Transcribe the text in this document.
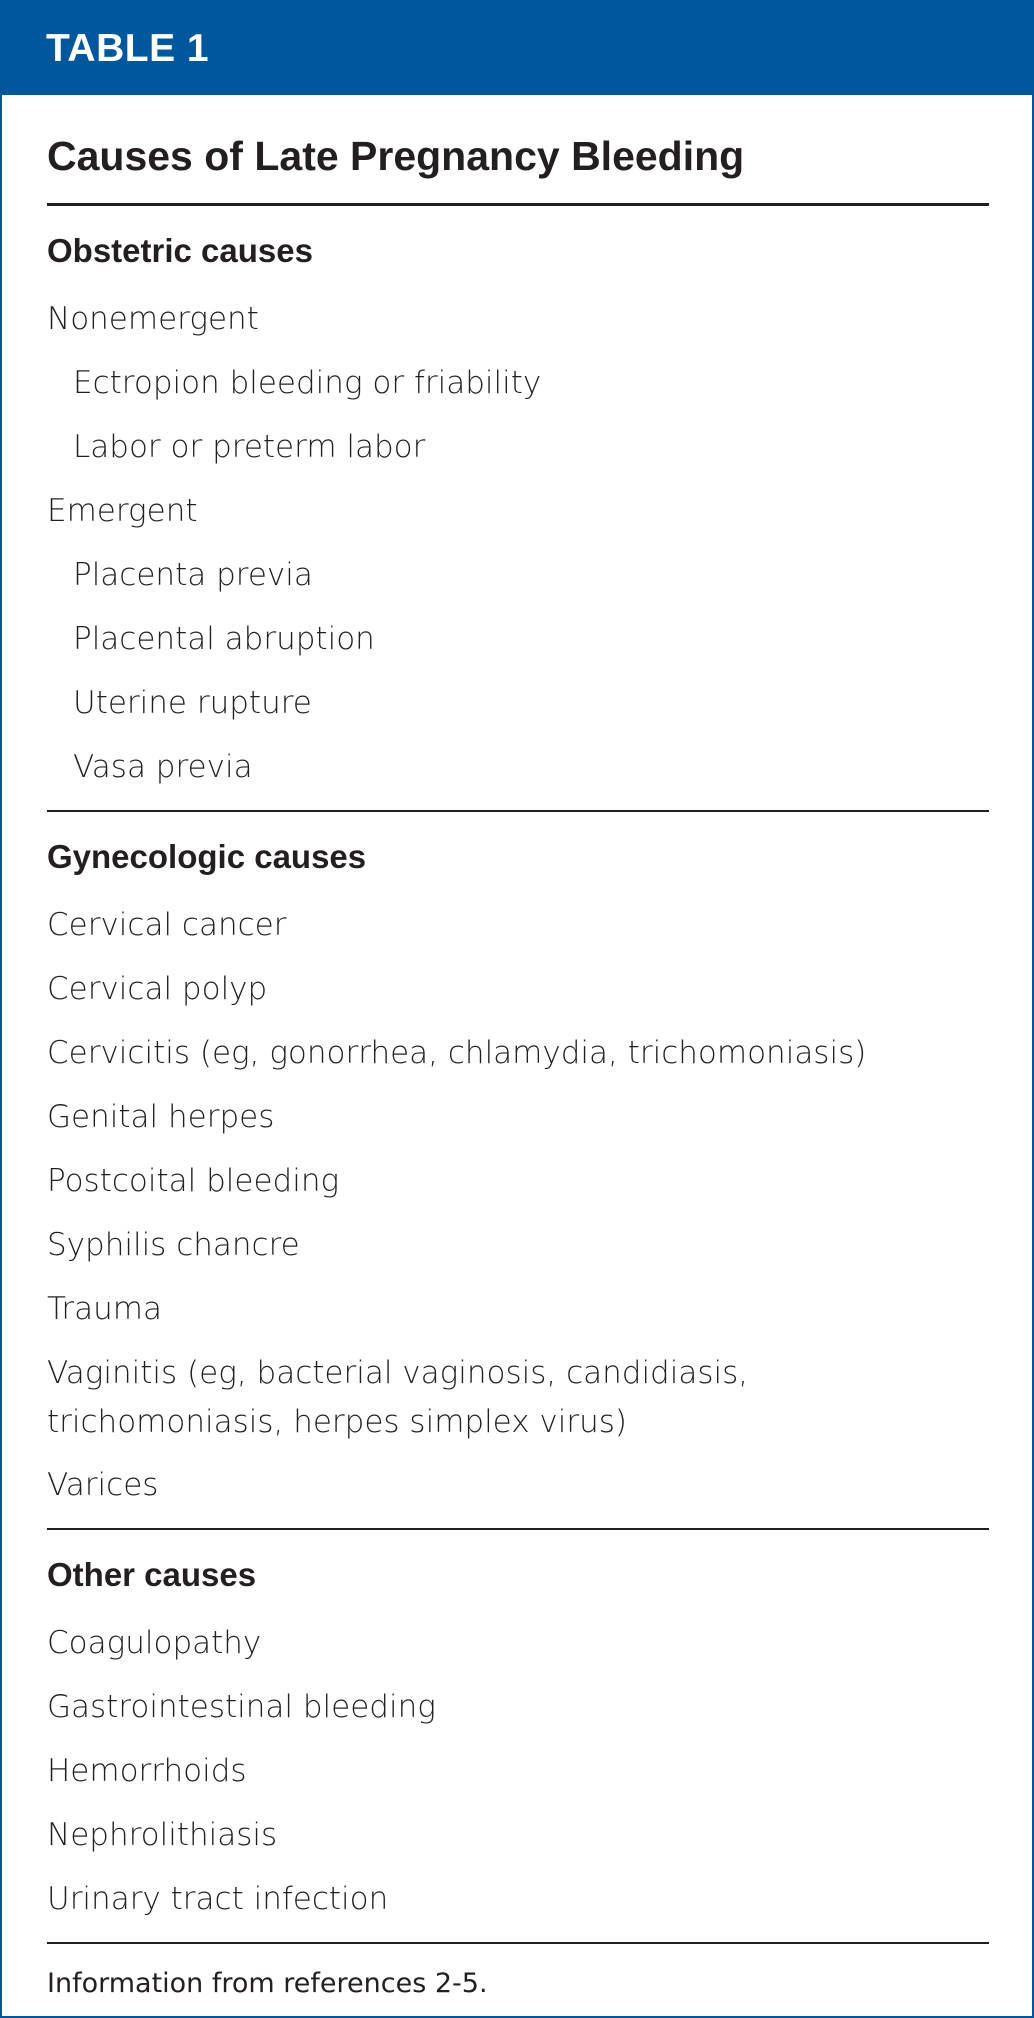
TABLE 1
Causes of Late Pregnancy Bleeding
Obstetric causes
Nonemergent
Ectropion bleeding or friability
Labor or preterm labor
Emergent
Placenta previa
Placental abruption
Uterine rupture
Vasa previa
Gynecologic causes
Cervical cancer
Cervical polyp
Cervicitis (eg, gonorrhea, chlamydia, trichomoniasis)
Genital herpes
Postcoital bleeding
Syphilis chancre
Trauma
Vaginitis (eg, bacterial vaginosis, candidiasis, trichomoniasis, herpes simplex virus)
Varices
Other causes
Coagulopathy
Gastrointestinal bleeding
Hemorrhoids
Nephrolithiasis
Urinary tract infection
Information from references 2-5.
